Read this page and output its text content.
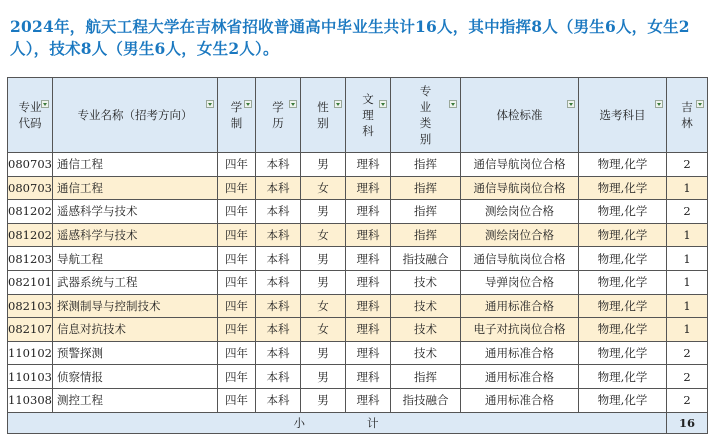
2024年，航天工程大学在吉林省招收普通高中毕业生共计16人，其中指挥8人（男生6人，女生2人），技术8人（男生6人，女生2人）。
专业代码	专业名称（招考方向）	学制	学历	性别	文理科	专业类别	体检标准	选考科目	吉林

080703	通信工程	四年	本科	男	理科	指挥	通信导航岗位合格	物理,化学	2
080703	通信工程	四年	本科	女	理科	指挥	通信导航岗位合格	物理,化学	1
081202	遥感科学与技术	四年	本科	男	理科	指挥	测绘岗位合格	物理,化学	2
081202	遥感科学与技术	四年	本科	女	理科	指挥	测绘岗位合格	物理,化学	1
081203	导航工程	四年	本科	男	理科	指技融合	通信导航岗位合格	物理,化学	1
082101	武器系统与工程	四年	本科	男	理科	技术	导弹岗位合格	物理,化学	1
082103	探测制导与控制技术	四年	本科	女	理科	技术	通用标准合格	物理,化学	1
082107	信息对抗技术	四年	本科	女	理科	技术	电子对抗岗位合格	物理,化学	1
110102	预警探测	四年	本科	男	理科	技术	通用标准合格	物理,化学	2
110103	侦察情报	四年	本科	男	理科	指挥	通用标准合格	物理,化学	2
110308	测控工程	四年	本科	男	理科	指技融合	通用标准合格	物理,化学	2
小 计									16
